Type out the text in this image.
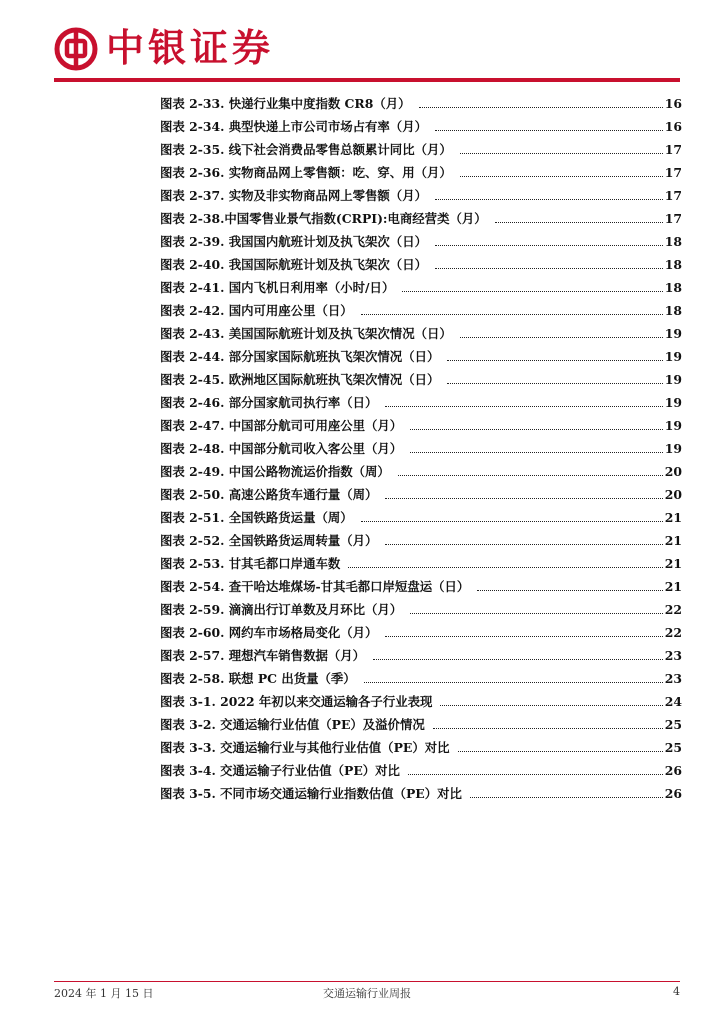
中银证券
图表 2-33. 快递行业集中度指数 CR8（月）	16
图表 2-34. 典型快递上市公司市场占有率（月）	16
图表 2-35. 线下社会消费品零售总额累计同比（月）	17
图表 2-36. 实物商品网上零售额：吃、穿、用（月）	17
图表 2-37. 实物及非实物商品网上零售额（月）	17
图表 2-38.中国零售业景气指数(CRPI):电商经营类（月）	17
图表 2-39. 我国国内航班计划及执飞架次（日）	18
图表 2-40. 我国国际航班计划及执飞架次（日）	18
图表 2-41. 国内飞机日利用率（小时/日）	18
图表 2-42. 国内可用座公里（日）	18
图表 2-43. 美国国际航班计划及执飞架次情况（日）	19
图表 2-44. 部分国家国际航班执飞架次情况（日）	19
图表 2-45. 欧洲地区国际航班执飞架次情况（日）	19
图表 2-46. 部分国家航司执行率（日）	19
图表 2-47. 中国部分航司可用座公里（月）	19
图表 2-48. 中国部分航司收入客公里（月）	19
图表 2-49. 中国公路物流运价指数（周）	20
图表 2-50. 高速公路货车通行量（周）	20
图表 2-51. 全国铁路货运量（周）	21
图表 2-52. 全国铁路货运周转量（月）	21
图表 2-53. 甘其毛都口岸通车数	21
图表 2-54. 查干哈达堆煤场-甘其毛都口岸短盘运（日）	21
图表 2-59. 滴滴出行订单数及月环比（月）	22
图表 2-60. 网约车市场格局变化（月）	22
图表 2-57. 理想汽车销售数据（月）	23
图表 2-58. 联想 PC 出货量（季）	23
图表 3-1. 2022 年初以来交通运输各子行业表现	24
图表 3-2. 交通运输行业估值（PE）及溢价情况	25
图表 3-3. 交通运输行业与其他行业估值（PE）对比	25
图表 3-4. 交通运输子行业估值（PE）对比	26
图表 3-5. 不同市场交通运输行业指数估值（PE）对比	26
2024 年 1 月 15 日	交通运输行业周报	4
